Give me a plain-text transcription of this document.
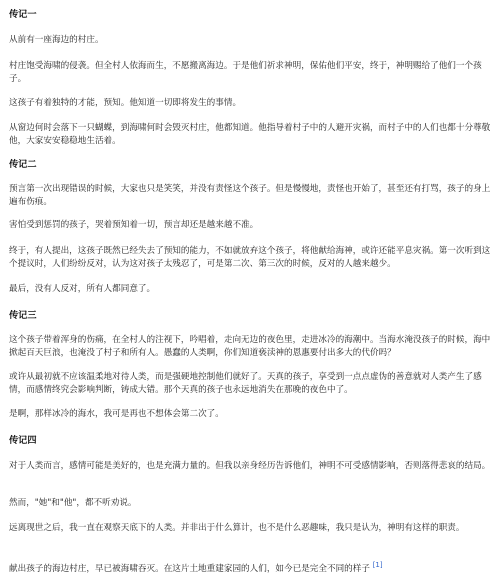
传记一
从前有一座海边的村庄。
村庄饱受海啸的侵袭。但全村人依海而生，不愿搬离海边。于是他们祈求神明，保佑他们平安，终于，神明赐给了他们一个孩子。
这孩子有着独特的才能，预知。他知道一切即将发生的事情。
从窗边何时会落下一只蝴蝶，到海啸何时会毁灭村庄，他都知道。他指导着村子中的人避开灾祸，而村子中的人们也都十分尊敬他，大家安安稳稳地生活着。
传记二
预言第一次出现错误的时候，大家也只是笑笑，并没有责怪这个孩子。但是慢慢地，责怪也开始了，甚至还有打骂，孩子的身上遍布伤痕。
害怕受到惩罚的孩子，哭着预知着一切，预言却还是越来越不准。
终于，有人提出，这孩子既然已经失去了预知的能力，不如就放弃这个孩子，将他献给海神，或许还能平息灾祸。第一次听到这个提议时，人们纷纷反对，认为这对孩子太残忍了，可是第二次、第三次的时候，反对的人越来越少。
最后，没有人反对，所有人都同意了。
传记三
这个孩子带着浑身的伤痛，在全村人的注视下，吟唱着，走向无边的夜色里，走进冰冷的海潮中。当海水淹没孩子的时候，海中掀起百天巨浪，也淹没了村子和所有人。愚蠢的人类啊，你们知道亵渎神的恩惠要付出多大的代价吗？
或许从最初就不应该温柔地对待人类，而是强硬地控制他们就好了。天真的孩子，享受到一点点虚伪的善意就对人类产生了感情，而感情终究会影响判断，铸成大错。那个天真的孩子也永远地消失在那晚的夜色中了。
是啊，那样冰冷的海水，我可是再也不想体会第二次了。
传记四
对于人类而言，感情可能是美好的，也是充满力量的。但我以亲身经历告诉他们，神明不可受感情影响，否则落得悲哀的结局。
然而，"她"和"他"，都不听劝说。
远离现世之后，我一直在观察天底下的人类。并非出于什么算计，也不是什么恶趣味，我只是认为，神明有这样的职责。
献出孩子的海边村庄，早已被海啸吞灭。在这片土地重建家园的人们，如今已是完全不同的样子 [1]
